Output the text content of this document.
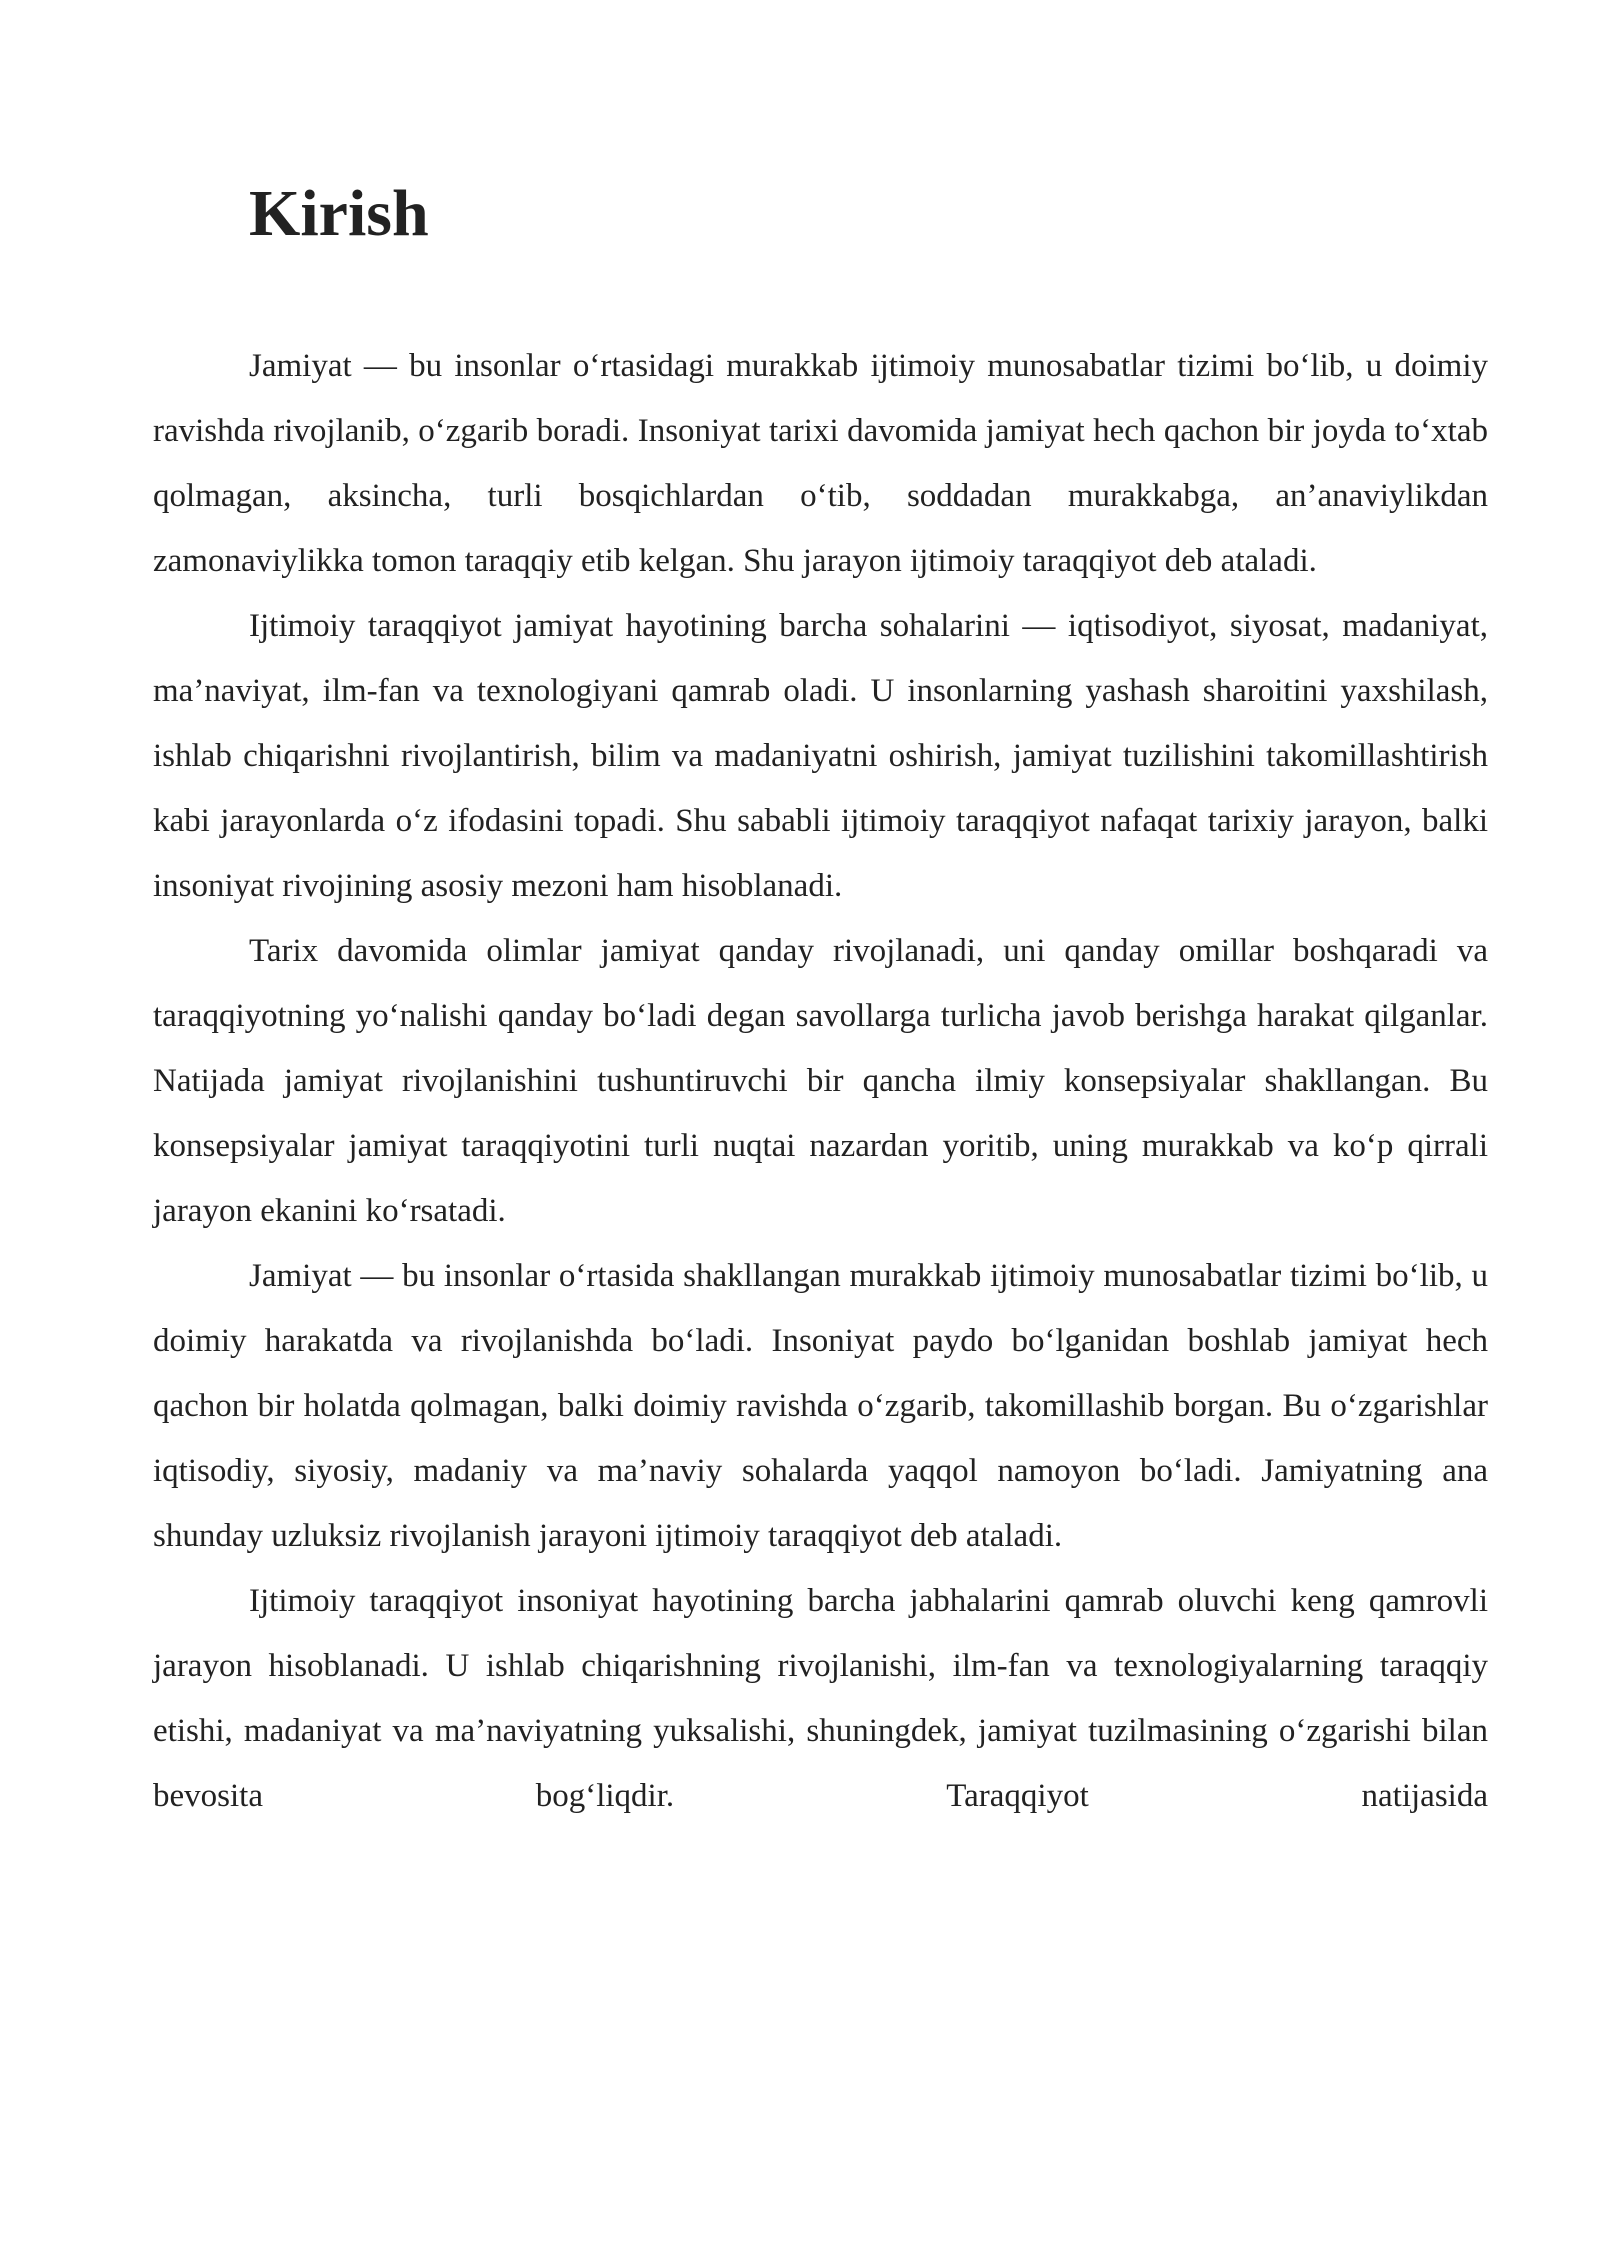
Kirish

Jamiyat — bu insonlar oʻrtasidagi murakkab ijtimoiy munosabatlar tizimi boʻlib, u doimiy ravishda rivojlanib, oʻzgarib boradi. Insoniyat tarixi davomida jamiyat hech qachon bir joyda toʻxtab qolmagan, aksincha, turli bosqichlardan oʻtib, soddadan murakkabga, an’anaviylikdan zamonaviylikka tomon taraqqiy etib kelgan. Shu jarayon ijtimoiy taraqqiyot deb ataladi.

Ijtimoiy taraqqiyot jamiyat hayotining barcha sohalarini — iqtisodiyot, siyosat, madaniyat, ma’naviyat, ilm-fan va texnologiyani qamrab oladi. U insonlarning yashash sharoitini yaxshilash, ishlab chiqarishni rivojlantirish, bilim va madaniyatni oshirish, jamiyat tuzilishini takomillashtirish kabi jarayonlarda oʻz ifodasini topadi. Shu sababli ijtimoiy taraqqiyot nafaqat tarixiy jarayon, balki insoniyat rivojining asosiy mezoni ham hisoblanadi.

Tarix davomida olimlar jamiyat qanday rivojlanadi, uni qanday omillar boshqaradi va taraqqiyotning yoʻnalishi qanday boʻladi degan savollarga turlicha javob berishga harakat qilganlar. Natijada jamiyat rivojlanishini tushuntiruvchi bir qancha ilmiy konsepsiyalar shakllangan. Bu konsepsiyalar jamiyat taraqqiyotini turli nuqtai nazardan yoritib, uning murakkab va koʻp qirrali jarayon ekanini koʻrsatadi.

Jamiyat — bu insonlar oʻrtasida shakllangan murakkab ijtimoiy munosabatlar tizimi boʻlib, u doimiy harakatda va rivojlanishda boʻladi. Insoniyat paydo boʻlganidan boshlab jamiyat hech qachon bir holatda qolmagan, balki doimiy ravishda oʻzgarib, takomillashib borgan. Bu oʻzgarishlar iqtisodiy, siyosiy, madaniy va ma’naviy sohalarda yaqqol namoyon boʻladi. Jamiyatning ana shunday uzluksiz rivojlanish jarayoni ijtimoiy taraqqiyot deb ataladi.

Ijtimoiy taraqqiyot insoniyat hayotining barcha jabhalarini qamrab oluvchi keng qamrovli jarayon hisoblanadi. U ishlab chiqarishning rivojlanishi, ilm-fan va texnologiyalarning taraqqiy etishi, madaniyat va ma’naviyatning yuksalishi, shuningdek, jamiyat tuzilmasining oʻzgarishi bilan bevosita bogʻliqdir. Taraqqiyot natijasida
